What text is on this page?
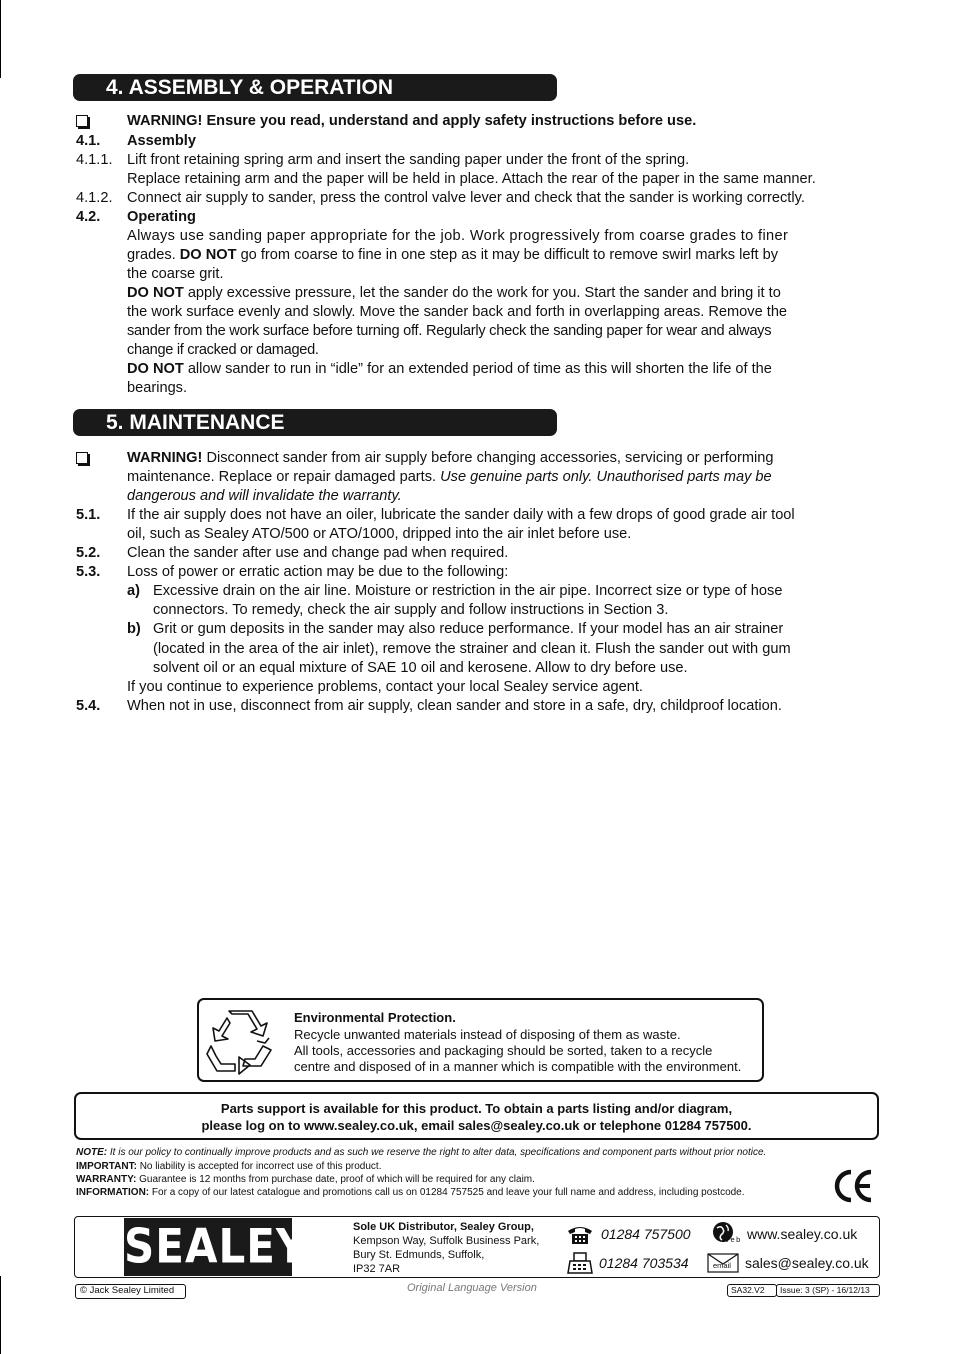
4. ASSEMBLY & OPERATION
WARNING! Ensure you read, understand and apply safety instructions before use.
4.1. Assembly
4.1.1. Lift front retaining spring arm and insert the sanding paper under the front of the spring.
Replace retaining arm and the paper will be held in place. Attach the rear of the paper in the same manner.
4.1.2. Connect air supply to sander, press the control valve lever and check that the sander is working correctly.
4.2. Operating
Always use sanding paper appropriate for the job. Work progressively from coarse grades to finer
grades. DO NOT go from coarse to fine in one step as it may be difficult to remove swirl marks left by
the coarse grit.
DO NOT apply excessive pressure, let the sander do the work for you. Start the sander and bring it to
the work surface evenly and slowly. Move the sander back and forth in overlapping areas. Remove the
sander from the work surface before turning off. Regularly check the sanding paper for wear and always
change if cracked or damaged.
DO NOT allow sander to run in “idle” for an extended period of time as this will shorten the life of the
bearings.
5. MAINTENANCE
WARNING! Disconnect sander from air supply before changing accessories, servicing or performing
maintenance. Replace or repair damaged parts. Use genuine parts only. Unauthorised parts may be
dangerous and will invalidate the warranty.
5.1. If the air supply does not have an oiler, lubricate the sander daily with a few drops of good grade air tool
oil, such as Sealey ATO/500 or ATO/1000, dripped into the air inlet before use.
5.2. Clean the sander after use and change pad when required.
5.3. Loss of power or erratic action may be due to the following:
a) Excessive drain on the air line. Moisture or restriction in the air pipe. Incorrect size or type of hose
connectors. To remedy, check the air supply and follow instructions in Section 3.
b) Grit or gum deposits in the sander may also reduce performance. If your model has an air strainer
(located in the area of the air inlet), remove the strainer and clean it. Flush the sander out with gum
solvent oil or an equal mixture of SAE 10 oil and kerosene. Allow to dry before use.
If you continue to experience problems, contact your local Sealey service agent.
5.4. When not in use, disconnect from air supply, clean sander and store in a safe, dry, childproof location.
Environmental Protection.
Recycle unwanted materials instead of disposing of them as waste.
All tools, accessories and packaging should be sorted, taken to a recycle
centre and disposed of in a manner which is compatible with the environment.
Parts support is available for this product. To obtain a parts listing and/or diagram,
please log on to www.sealey.co.uk, email sales@sealey.co.uk or telephone 01284 757500.
NOTE: It is our policy to continually improve products and as such we reserve the right to alter data, specifications and component parts without prior notice.
IMPORTANT: No liability is accepted for incorrect use of this product.
WARRANTY: Guarantee is 12 months from purchase date, proof of which will be required for any claim.
INFORMATION: For a copy of our latest catalogue and promotions call us on 01284 757525 and leave your full name and address, including postcode.
SEALEY	Sole UK Distributor, Sealey Group,
Kempson Way, Suffolk Business Park,
Bury St. Edmunds, Suffolk,
IP32 7AR
01284 757500
01284 703534
Web www.sealey.co.uk
email sales@sealey.co.uk
© Jack Sealey Limited	Original Language Version	SA32.V2	Issue: 3 (SP) - 16/12/13
